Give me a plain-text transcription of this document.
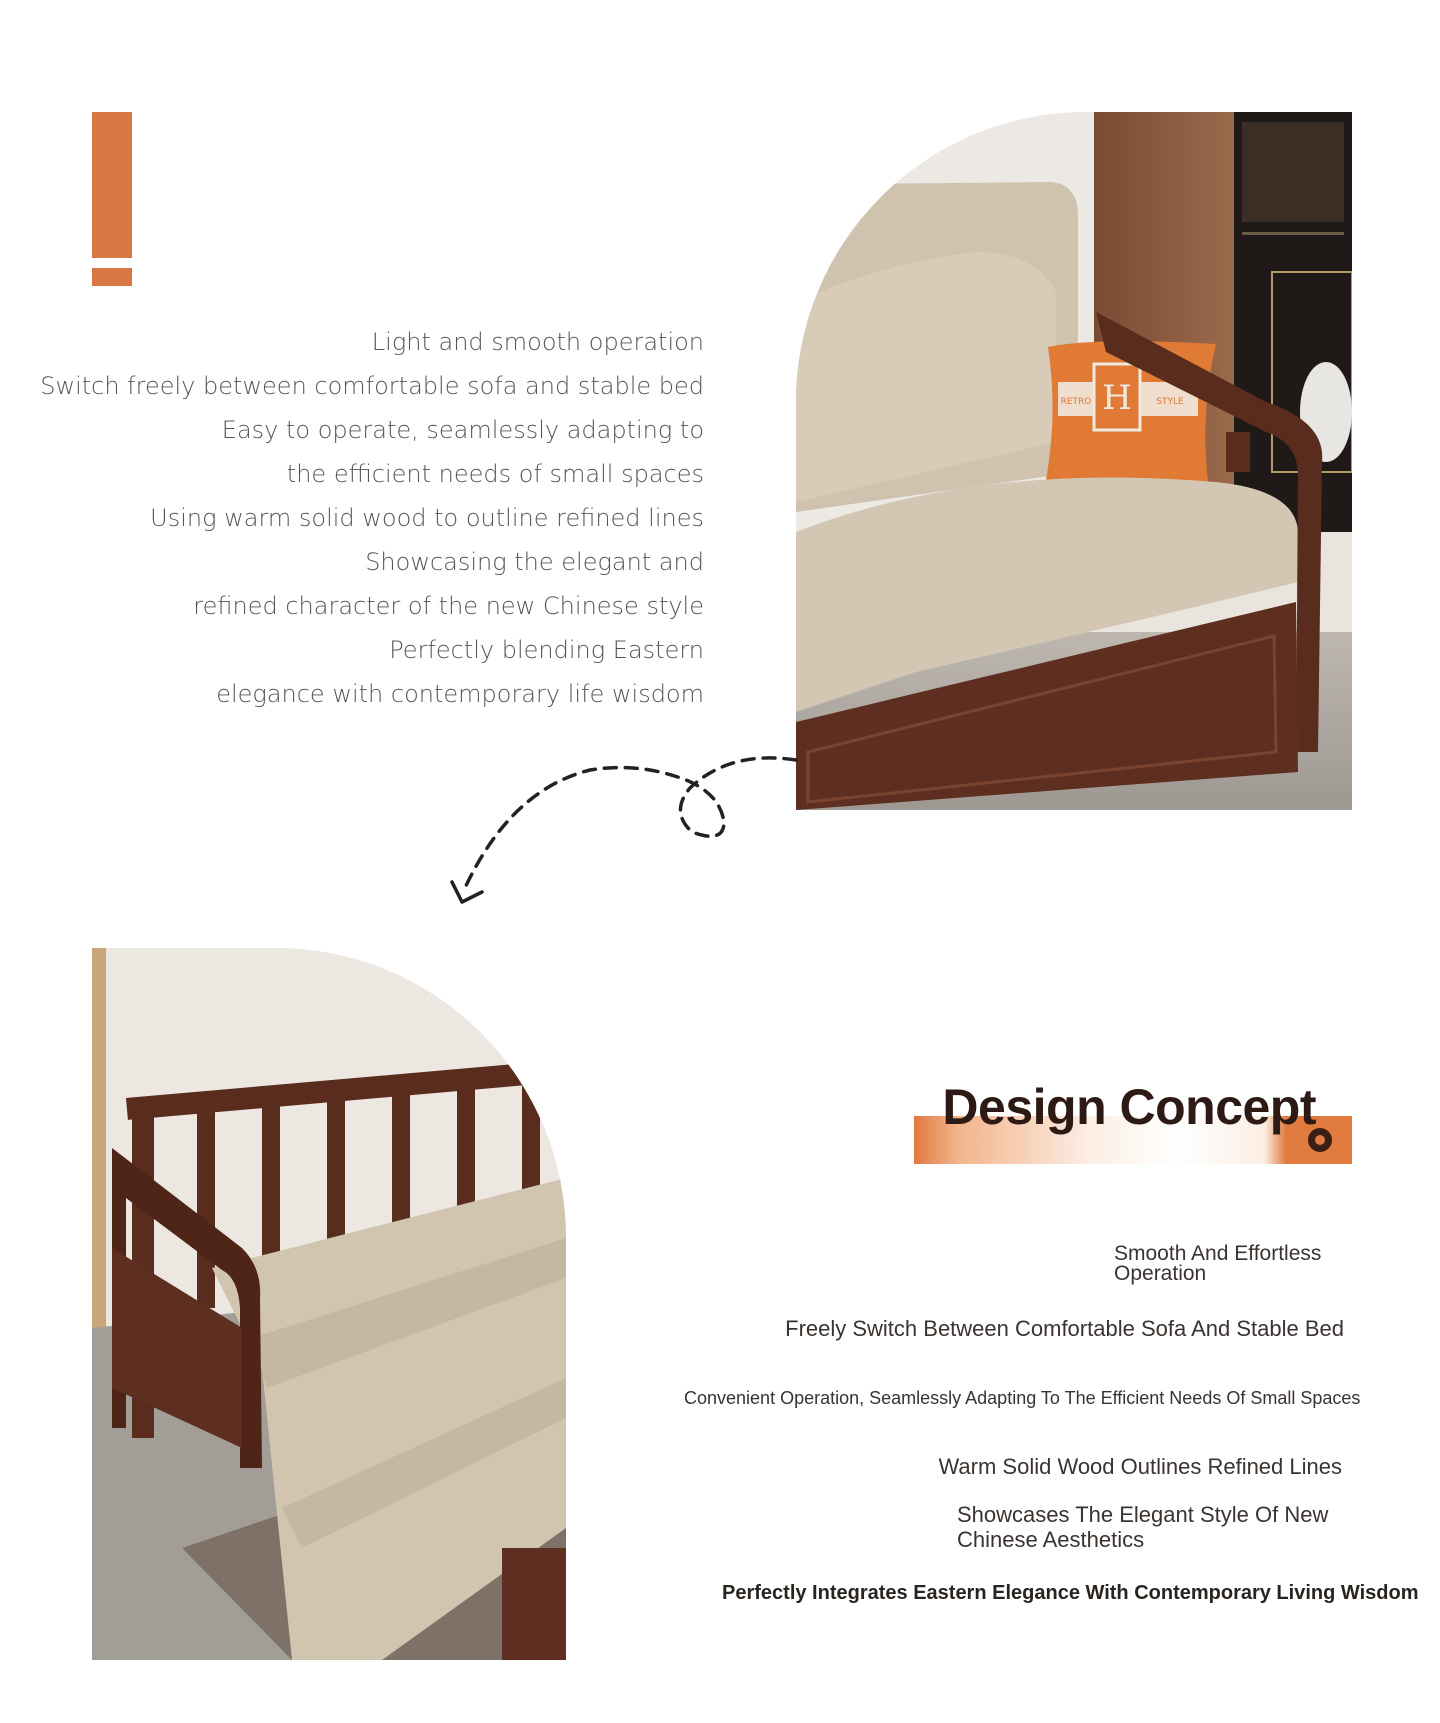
Light and smooth operation
Switch freely between comfortable sofa and stable bed
Easy to operate, seamlessly adapting to
the efficient needs of small spaces
Using warm solid wood to outline refined lines
Showcasing the elegant and
refined character of the new Chinese style
Perfectly blending Eastern
elegance with contemporary life wisdom
H
RETRO	STYLE
Design Concept
Smooth And Effortless
Operation
Freely Switch Between Comfortable Sofa And Stable Bed
Convenient Operation, Seamlessly Adapting To The Efficient Needs Of Small Spaces
Warm Solid Wood Outlines Refined Lines
Showcases The Elegant Style Of New
Chinese Aesthetics
Perfectly Integrates Eastern Elegance With Contemporary Living Wisdom
